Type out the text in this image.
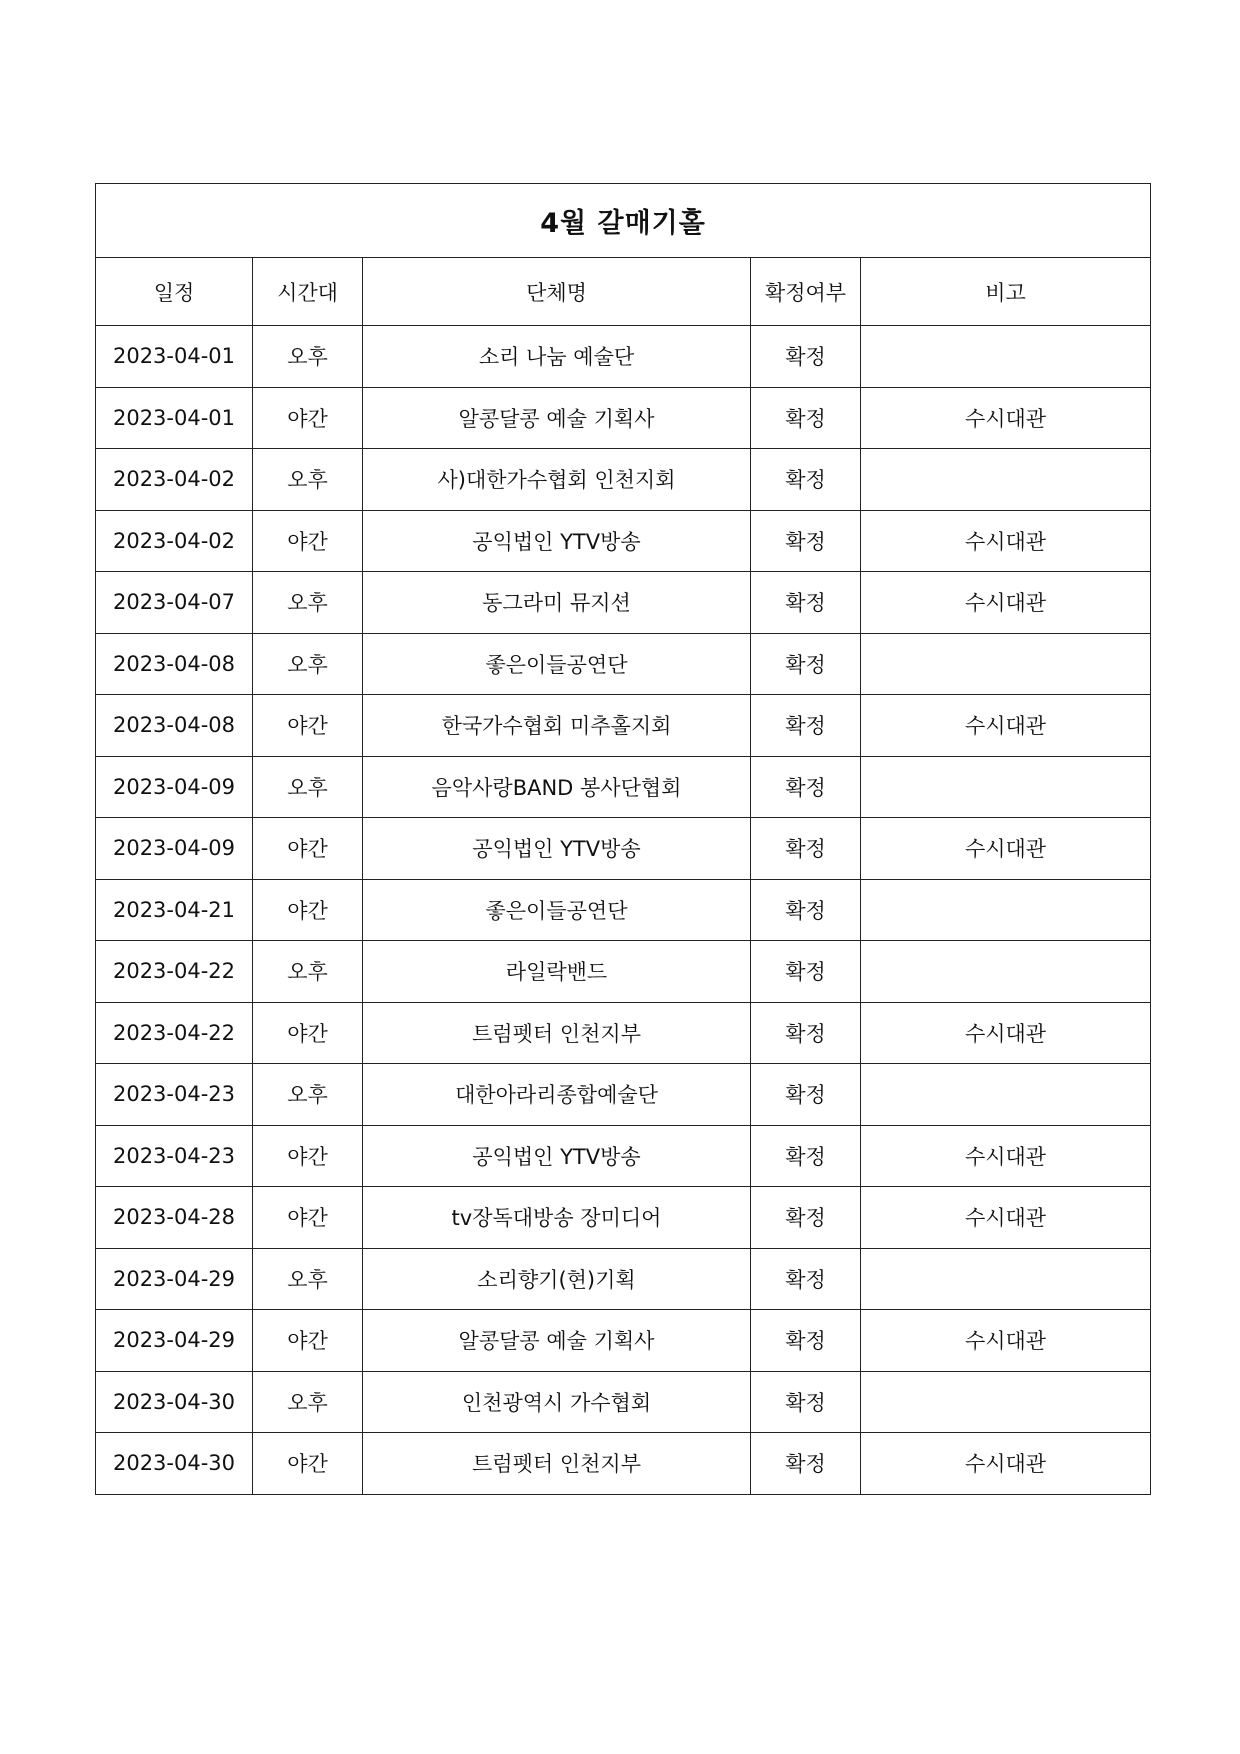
4월 갈매기홀				
일정	시간대	단체명	확정여부	비고
2023-04-01	오후	소리 나눔 예술단	확정	
2023-04-01	야간	알콩달콩 예술 기획사	확정	수시대관
2023-04-02	오후	사)대한가수협회 인천지회	확정	
2023-04-02	야간	공익법인 YTV방송	확정	수시대관
2023-04-07	오후	동그라미 뮤지션	확정	수시대관
2023-04-08	오후	좋은이들공연단	확정	
2023-04-08	야간	한국가수협회 미추홀지회	확정	수시대관
2023-04-09	오후	음악사랑BAND 봉사단협회	확정	
2023-04-09	야간	공익법인 YTV방송	확정	수시대관
2023-04-21	야간	좋은이들공연단	확정	
2023-04-22	오후	라일락밴드	확정	
2023-04-22	야간	트럼펫터 인천지부	확정	수시대관
2023-04-23	오후	대한아라리종합예술단	확정	
2023-04-23	야간	공익법인 YTV방송	확정	수시대관
2023-04-28	야간	tv장독대방송 장미디어	확정	수시대관
2023-04-29	오후	소리향기(현)기획	확정	
2023-04-29	야간	알콩달콩 예술 기획사	확정	수시대관
2023-04-30	오후	인천광역시 가수협회	확정	
2023-04-30	야간	트럼펫터 인천지부	확정	수시대관
